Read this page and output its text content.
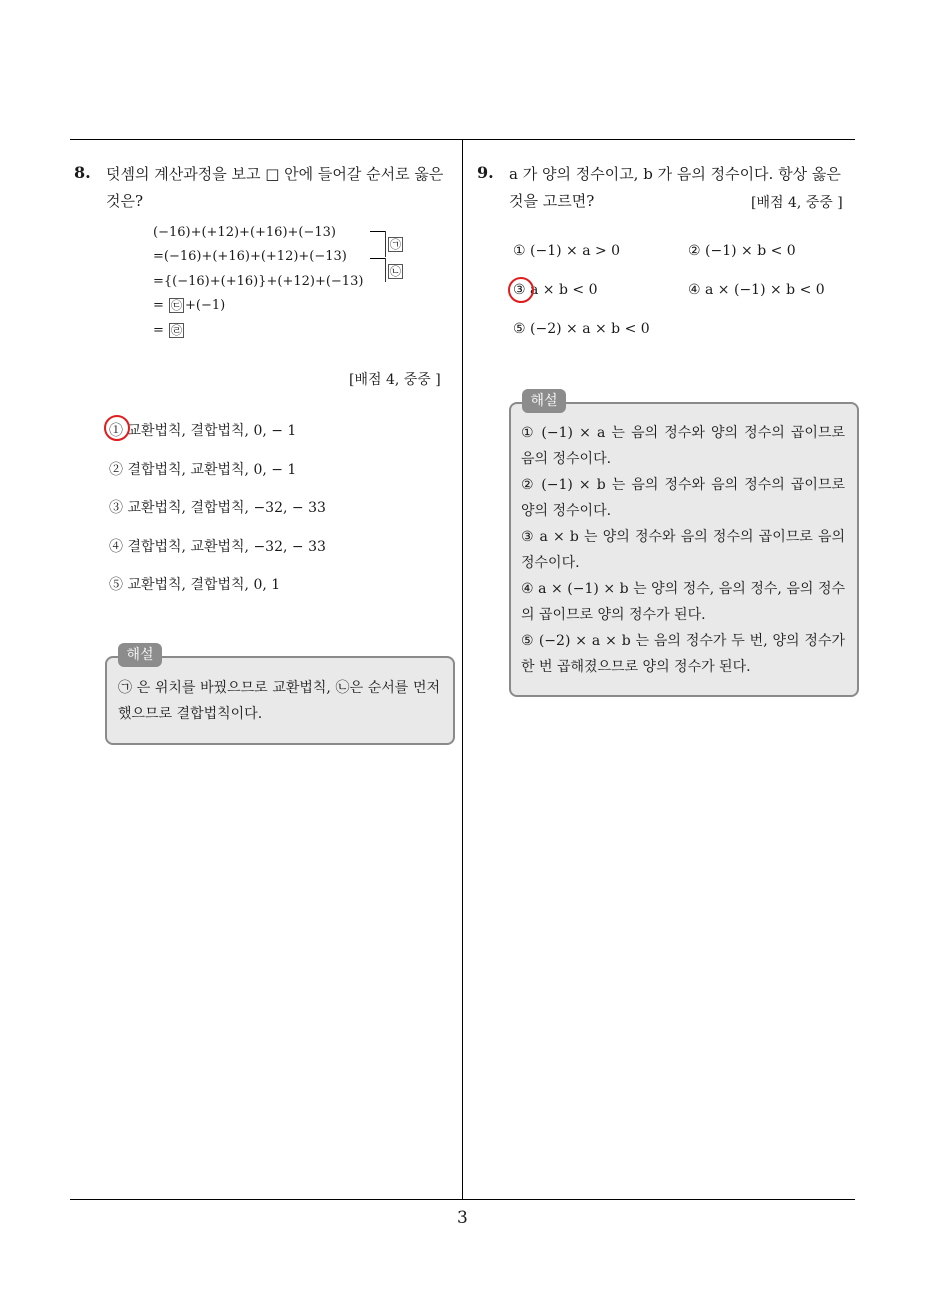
8. 덧셈의 계산과정을 보고 □ 안에 들어갈 순서로 옳은
것은?
(−16)+(+12)+(+16)+(−13)
=(−16)+(+16)+(+12)+(−13)
={(−16)+(+16)}+(+12)+(−13)
= ㉢ +(−1)
= ㉣
㉠
㉡
[배점 4, 중중 ]
① 교환법칙, 결합법칙, 0, − 1
② 결합법칙, 교환법칙, 0, − 1
③ 교환법칙, 결합법칙, −32, − 33
④ 결합법칙, 교환법칙, −32, − 33
⑤ 교환법칙, 결합법칙, 0, 1
해설
㉠ 은 위치를 바꿨으므로 교환법칙, ㉡은 순서를 먼저 했으므로 결합법칙이다.
9. a 가 양의 정수이고, b 가 음의 정수이다. 항상 옳은
것을 고르면?	[배점 4, 중중 ]
① (−1) × a > 0	② (−1) × b < 0
③ a × b < 0	④ a × (−1) × b < 0
⑤ (−2) × a × b < 0
해설
① (−1) × a 는 음의 정수와 양의 정수의 곱이므로 음의 정수이다.
② (−1) × b 는 음의 정수와 음의 정수의 곱이므로 양의 정수이다.
③ a × b 는 양의 정수와 음의 정수의 곱이므로 음의 정수이다.
④ a × (−1) × b 는 양의 정수, 음의 정수, 음의 정수의 곱이므로 양의 정수가 된다.
⑤ (−2) × a × b 는 음의 정수가 두 번, 양의 정수가 한 번 곱해졌으므로 양의 정수가 된다.
3
